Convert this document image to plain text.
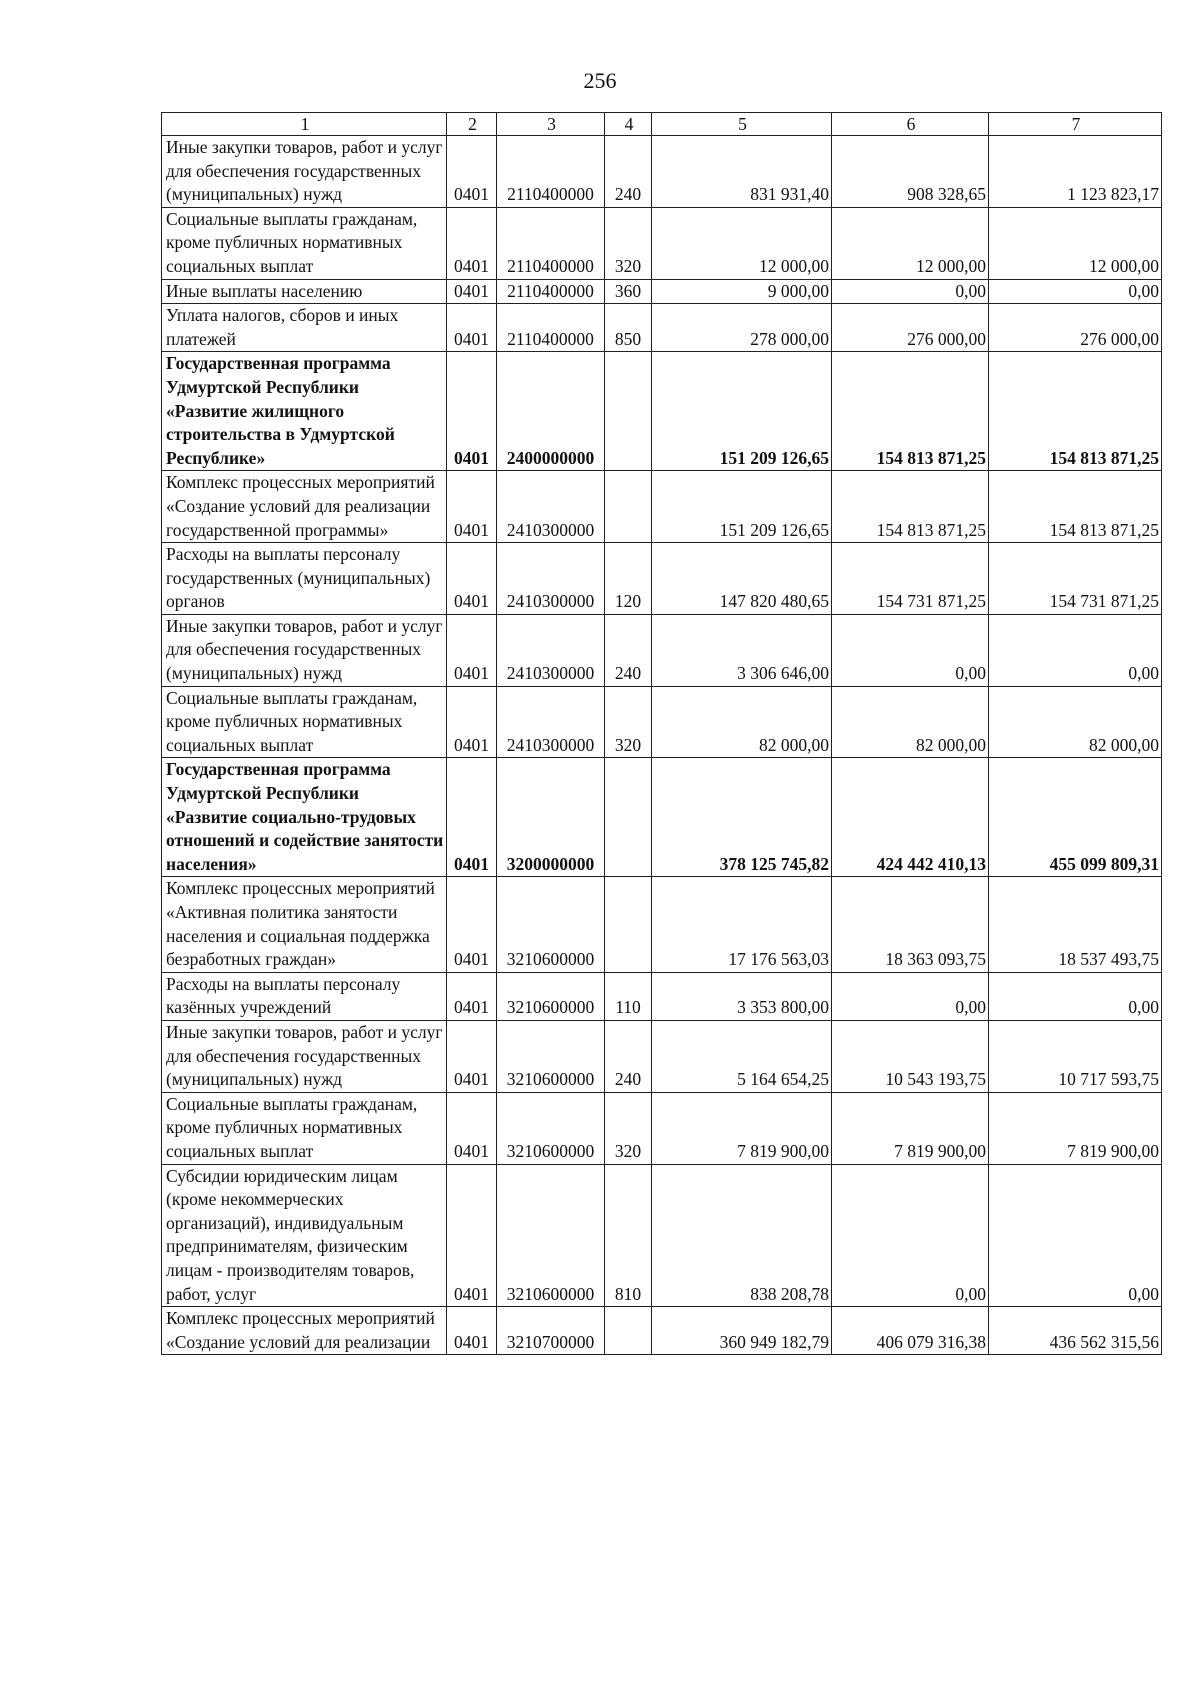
256
1	2	3	4	5	6	7
Иные закупки товаров, работ и услуг для обеспечения государственных (муниципальных) нужд	0401	2110400000	240	831 931,40	908 328,65	1 123 823,17
Социальные выплаты гражданам, кроме публичных нормативных социальных выплат	0401	2110400000	320	12 000,00	12 000,00	12 000,00
Иные выплаты населению	0401	2110400000	360	9 000,00	0,00	0,00
Уплата налогов, сборов и иных платежей	0401	2110400000	850	278 000,00	276 000,00	276 000,00
Государственная программа Удмуртской Республики «Развитие жилищного строительства в Удмуртской Республике»	0401	2400000000		151 209 126,65	154 813 871,25	154 813 871,25
Комплекс процессных мероприятий «Создание условий для реализации государственной программы»	0401	2410300000		151 209 126,65	154 813 871,25	154 813 871,25
Расходы на выплаты персоналу государственных (муниципальных) органов	0401	2410300000	120	147 820 480,65	154 731 871,25	154 731 871,25
Иные закупки товаров, работ и услуг для обеспечения государственных (муниципальных) нужд	0401	2410300000	240	3 306 646,00	0,00	0,00
Социальные выплаты гражданам, кроме публичных нормативных социальных выплат	0401	2410300000	320	82 000,00	82 000,00	82 000,00
Государственная программа Удмуртской Республики «Развитие социально-трудовых отношений и содействие занятости населения»	0401	3200000000		378 125 745,82	424 442 410,13	455 099 809,31
Комплекс процессных мероприятий «Активная политика занятости населения и социальная поддержка безработных граждан»	0401	3210600000		17 176 563,03	18 363 093,75	18 537 493,75
Расходы на выплаты персоналу казённых учреждений	0401	3210600000	110	3 353 800,00	0,00	0,00
Иные закупки товаров, работ и услуг для обеспечения государственных (муниципальных) нужд	0401	3210600000	240	5 164 654,25	10 543 193,75	10 717 593,75
Социальные выплаты гражданам, кроме публичных нормативных социальных выплат	0401	3210600000	320	7 819 900,00	7 819 900,00	7 819 900,00
Субсидии юридическим лицам (кроме некоммерческих организаций), индивидуальным предпринимателям, физическим лицам - производителям товаров, работ, услуг	0401	3210600000	810	838 208,78	0,00	0,00
Комплекс процессных мероприятий «Создание условий для реализации	0401	3210700000		360 949 182,79	406 079 316,38	436 562 315,56
